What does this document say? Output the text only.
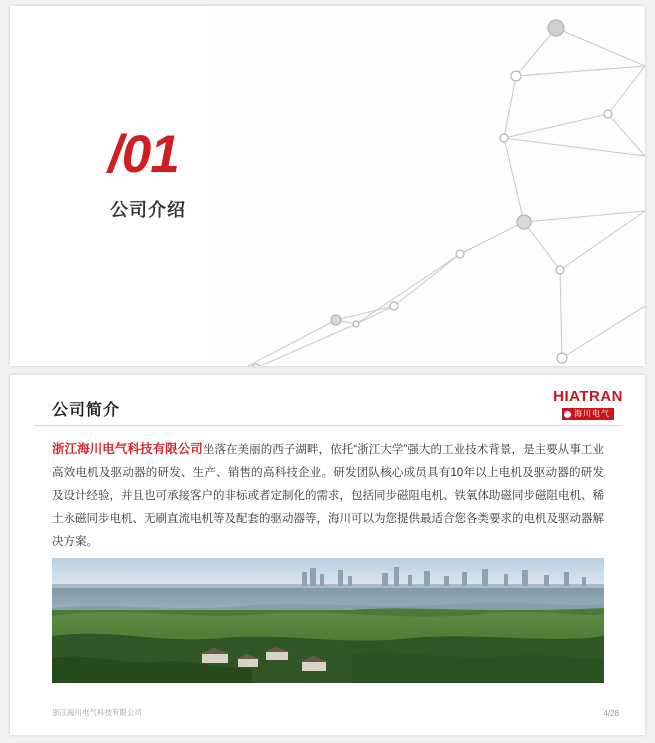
/01
公司介绍
公司简介
HIATRAN
海川电气
浙江海川电气科技有限公司坐落在美丽的西子湖畔，依托“浙江大学”强大的工业技术背景，是主要从事工业高效电机及驱动器的研发、生产、销售的高科技企业。研发团队核心成员具有10年以上电机及驱动器的研发及设计经验，并且也可承接客户的非标或者定制化的需求，包括同步磁阻电机、铁氧体助磁同步磁阻电机、稀土永磁同步电机、无刷直流电机等及配套的驱动器等，海川可以为您提供最适合您各类要求的电机及驱动器解决方案。
浙江海川电气科技有限公司	4/28
